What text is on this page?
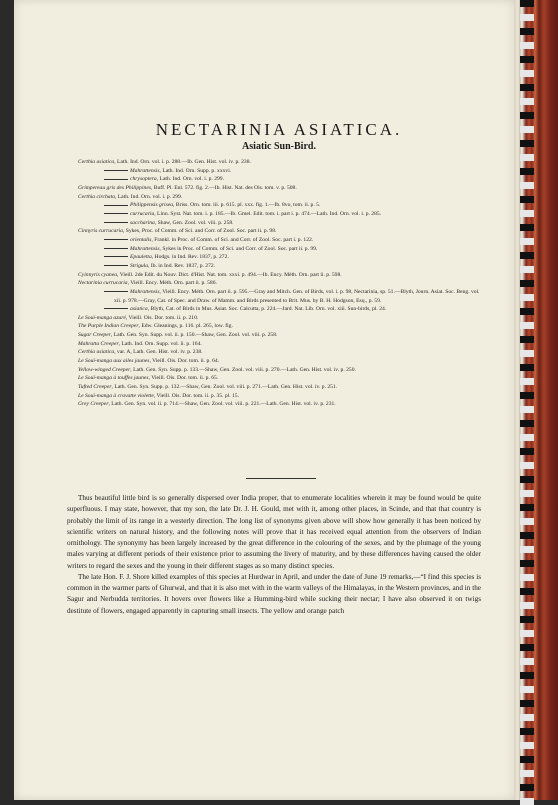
NECTARINIA ASIATICA.
Asiatic Sun-Bird.
Certhia asiatica, Lath. Ind. Orn. vol. i. p. 288.—Ib. Gen. Hist. vol. iv. p. 238.
Mahrattensis, Lath. Ind. Orn. Supp. p. xxxvi.
chrysoptera, Lath. Ind. Orn. vol. i. p. 299.
Grimpereau gris des Philippines, Buff. Pl. Enl. 572. fig. 2.—Ib. Hist. Nat. des Ois. tom. v. p. 508.
Certhia circhata, Lath. Ind. Orn. vol. i. p. 299.
Philippensis grisea, Briss. Orn. tom. iii. p. 615. pl. xxx. fig. 1.—Ib. 8vo, tom. ii. p. 5.
currucaria, Linn. Syst. Nat. tom. i. p. 185.—Ib. Gmel. Edit. tom. i. part i. p. 474.—Lath. Ind. Orn. vol. i. p. 285.
saccharina, Shaw, Gen. Zool. vol. viii. p. 258.
Cinnyris currucaria, Sykes, Proc. of Comm. of Sci. and Corr. of Zool. Soc. part ii. p. 98.
orientalis, Frankl. in Proc. of Comm. of Sci. and Corr. of Zool. Soc. part i. p. 122.
Mahrattensis, Sykes in Proc. of Comm. of Sci. and Corr. of Zool. Soc. part ii. p. 99.
Epauletta, Hodgs. in Ind. Rev. 1837, p. 272.
Strigula, Ib. in Ind. Rev. 1837, p. 272.
Cyinnyris cyanea, Vieill. 2de Edit. du Nouv. Dict. d'Hist. Nat. tom. xxxi. p. 494.—Ib. Ency. Méth. Orn. part ii. p. 598.
Nectarinia currucaria, Vieill. Ency. Méth. Orn. part ii. p. 586.
Mahrattensis, Vieill. Ency. Méth. Orn. part ii. p. 595.—Gray and Mitch. Gen. of Birds, vol. i. p. 98, Nectarinia, sp. 51.—Blyth, Journ. Asiat. Soc. Beng. vol. xii. p. 978.—Gray, Cat. of Spec. and Draw. of Mamm. and Birds presented to Brit. Mus. by B. H. Hodgson, Esq., p. 59.
asiatica, Blyth, Cat. of Birds in Mus. Asiat. Soc. Calcutta, p. 224.—Jard. Nat. Lib. Orn. vol. xiii. Sun-birds, pl. 24.
Le Souï-manga azuré, Vieill. Ois. Dor. tom. ii. p. 210.
The Purple Indian Creeper, Edw. Gleanings, p. 116. pl. 265, low. fig.
Sugar Creeper, Lath. Gen. Syn. Supp. vol. ii. p. 150.—Shaw, Gen. Zool. vol. viii. p. 258.
Mahratta Creeper, Lath. Ind. Orn. Supp. vol. ii. p. 164.
Certhia asiatica, var. A, Lath. Gen. Hist. vol. iv. p. 238.
Le Souï-manga aux ailes jaunes, Vieill. Ois. Dor. tom. ii. p. 64.
Yellow-winged Creeper, Lath. Gen. Syn. Supp. p. 133.—Shaw, Gen. Zool. vol. viii. p. 270.—Lath. Gen. Hist. vol. iv. p. 250.
Le Souï-manga à touffes jaunes, Vieill. Ois. Dor. tom. ii. p. 65.
Tufted Creeper, Lath. Gen. Syn. Supp. p. 132.—Shaw, Gen. Zool. vol. viii. p. 271.—Lath. Gen. Hist. vol. iv. p. 251.
Le Souï-manga à cravatte violette, Vieill. Ois. Dor. tom. ii. p. 35. pl. 15.
Grey Creeper, Lath. Gen. Syn. vol. ii. p. 714.—Shaw, Gen. Zool. vol. viii. p. 221.—Lath. Gen. Hist. vol. iv. p. 231.

Thus beautiful little bird is so generally dispersed over India proper, that to enumerate localities wherein it may be found would be quite superfluous. I may state, however, that my son, the late Dr. J. H. Gould, met with it, among other places, in Scinde, and that that country is probably the limit of its range in a westerly direction. The long list of synonyms given above will show how generally it has been noticed by scientific writers on natural history, and the following notes will prove that it has received equal attention from the observers of Indian ornithology. The synonymy has been largely increased by the great difference in the colouring of the sexes, and by the plumage of the young males varying at different periods of their existence prior to assuming the livery of maturity, and by these differences having caused the older writers to regard the sexes and the young in their different stages as so many distinct species.

The late Hon. F. J. Shore killed examples of this species at Hurdwar in April, and under the date of June 19 remarks,—“I find this species is common in the warmer parts of Ghurwal, and that it is also met with in the warm valleys of the Himalayas, in the Western provinces, and in the Sagur and Nerbudda territories. It hovers over flowers like a Humming-bird while sucking their nectar; I have also observed it on twigs destitute of flowers, engaged apparently in capturing small insects. The yellow and orange patch
